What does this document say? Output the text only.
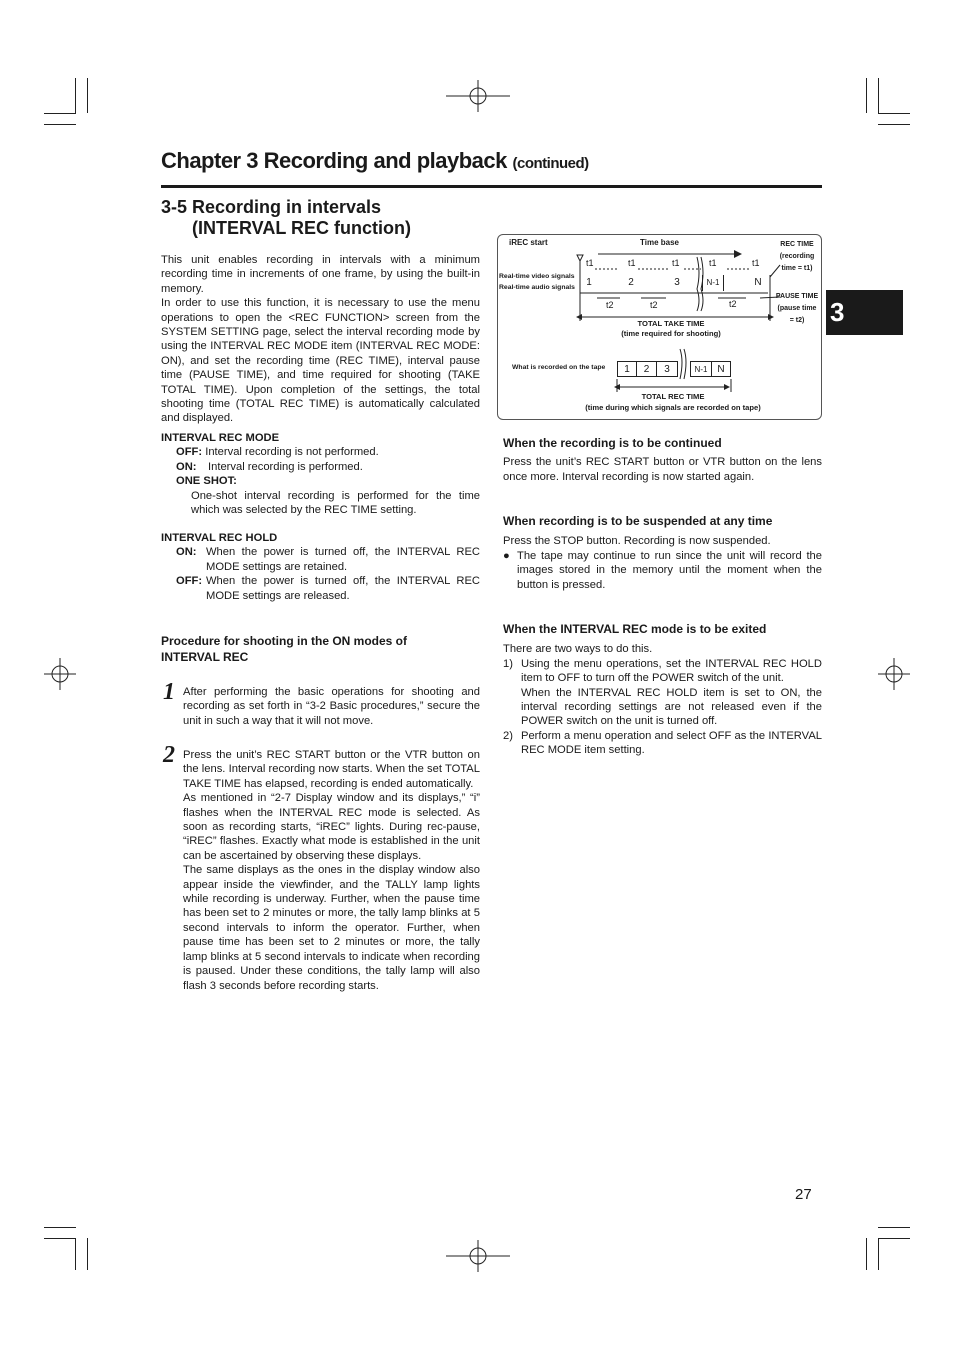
Chapter 3 Recording and playback (continued)
3
3-5 Recording in intervals
(INTERVAL REC function)
This unit enables recording in intervals with a minimum recording time in increments of one frame, by using the built-in memory.
In order to use this function, it is necessary to use the menu operations to open the <REC FUNCTION> screen from the SYSTEM SETTING page, select the interval recording mode by using the INTERVAL REC MODE item (INTERVAL REC MODE: ON), and set the recording time (REC TIME), interval pause time (PAUSE TIME), and time required for shooting (TAKE TOTAL TIME). Upon completion of the settings, the total shooting time (TOTAL REC TIME) is automatically calculated and displayed.
INTERVAL REC MODE
OFF: Interval recording is not performed.
ON: Interval recording is performed.
ONE SHOT:
One-shot interval recording is performed for the time which was selected by the REC TIME setting.
INTERVAL REC HOLD
ON: When the power is turned off, the INTERVAL REC MODE settings are retained.
OFF: When the power is turned off, the INTERVAL REC MODE settings are released.
Procedure for shooting in the ON modes of
INTERVAL REC
1 After performing the basic operations for shooting and recording as set forth in “3-2 Basic procedures,” secure the unit in such a way that it will not move.
2 Press the unit’s REC START button or the VTR button on the lens. Interval recording now starts. When the set TOTAL TAKE TIME has elapsed, recording is ended automatically.
As mentioned in “2-7 Display window and its displays,” “i” flashes when the INTERVAL REC mode is selected. As soon as recording starts, “iREC” lights. During rec-pause, “iREC” flashes. Exactly what mode is established in the unit can be ascertained by observing these displays.
The same displays as the ones in the display window also appear inside the viewfinder, and the TALLY lamp lights while recording is underway. Further, when the pause time has been set to 2 minutes or more, the tally lamp blinks at 5 second intervals to inform the operator. Further, when pause time has been set to 2 minutes or more, the tally lamp blinks at 5 second intervals to indicate when recording is paused. Under these conditions, the tally lamp will also flash 3 seconds before recording starts.
iREC start	Time base	REC TIME
(recording
time = t1)
PAUSE TIME
(pause time
= t2)
Real-time video signals
Real-time audio signals
t1	t1	t1	t1	t1
1	2	3	N-1	N
t2	t2	t2
TOTAL TAKE TIME
(time required for shooting)
What is recorded on the tape	1	2	3	N-1 N
TOTAL REC TIME
(time during which signals are recorded on tape)
When the recording is to be continued
Press the unit’s REC START button or VTR button on the lens once more. Interval recording is now started again.
When recording is to be suspended at any time
Press the STOP button. Recording is now suspended.
● The tape may continue to run since the unit will record the images stored in the memory until the moment when the button is pressed.
When the INTERVAL REC mode is to be exited
There are two ways to do this.
1) Using the menu operations, set the INTERVAL REC HOLD item to OFF to turn off the POWER switch of the unit.
When the INTERVAL REC HOLD item is set to ON, the interval recording settings are not released even if the POWER switch on the unit is turned off.
2) Perform a menu operation and select OFF as the INTERVAL REC MODE item setting.
27
